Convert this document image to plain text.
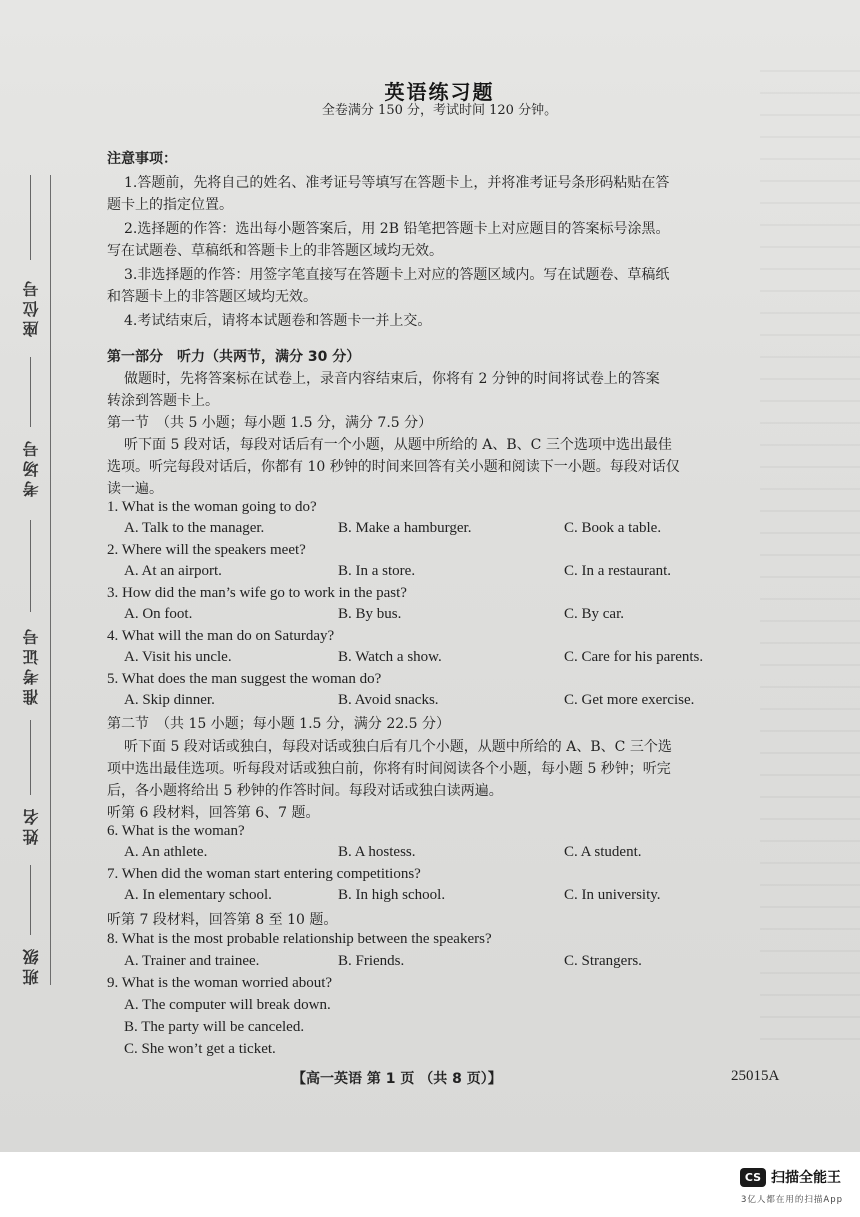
座位号
考场号
准考证号
姓名
班级
英语练习题
全卷满分 150 分，考试时间 120 分钟。
注意事项：
1.答题前，先将自己的姓名、准考证号等填写在答题卡上，并将准考证号条形码粘贴在答
题卡上的指定位置。
2.选择题的作答：选出每小题答案后，用 2B 铅笔把答题卡上对应题目的答案标号涂黑。
写在试题卷、草稿纸和答题卡上的非答题区域均无效。
3.非选择题的作答：用签字笔直接写在答题卡上对应的答题区域内。写在试题卷、草稿纸
和答题卡上的非答题区域均无效。
4.考试结束后，请将本试题卷和答题卡一并上交。
第一部分　听力（共两节，满分 30 分）
做题时，先将答案标在试卷上，录音内容结束后，你将有 2 分钟的时间将试卷上的答案
转涂到答题卡上。
第一节　（共 5 小题；每小题 1.5 分，满分 7.5 分）
听下面 5 段对话，每段对话后有一个小题，从题中所给的 A、B、C 三个选项中选出最佳
选项。听完每段对话后，你都有 10 秒钟的时间来回答有关小题和阅读下一小题。每段对话仅
读一遍。
1. What is the woman going to do?
A. Talk to the manager.	B. Make a hamburger.	C. Book a table.
2. Where will the speakers meet?
A. At an airport.	B. In a store.	C. In a restaurant.
3. How did the man’s wife go to work in the past?
A. On foot.	B. By bus.	C. By car.
4. What will the man do on Saturday?
A. Visit his uncle.	B. Watch a show.	C. Care for his parents.
5. What does the man suggest the woman do?
A. Skip dinner.	B. Avoid snacks.	C. Get more exercise.
第二节　（共 15 小题；每小题 1.5 分，满分 22.5 分）
听下面 5 段对话或独白，每段对话或独白后有几个小题，从题中所给的 A、B、C 三个选
项中选出最佳选项。听每段对话或独白前，你将有时间阅读各个小题，每小题 5 秒钟；听完
后，各小题将给出 5 秒钟的作答时间。每段对话或独白读两遍。
听第 6 段材料，回答第 6、7 题。
6. What is the woman?
A. An athlete.	B. A hostess.	C. A student.
7. When did the woman start entering competitions?
A. In elementary school.	B. In high school.	C. In university.
听第 7 段材料，回答第 8 至 10 题。
8. What is the most probable relationship between the speakers?
A. Trainer and trainee.	B. Friends.	C. Strangers.
9. What is the woman worried about?
A. The computer will break down.
B. The party will be canceled.
C. She won’t get a ticket.
【高一英语 第 1 页 （共 8 页）】	25015A
CS 扫描全能王
3亿人都在用的扫描App
